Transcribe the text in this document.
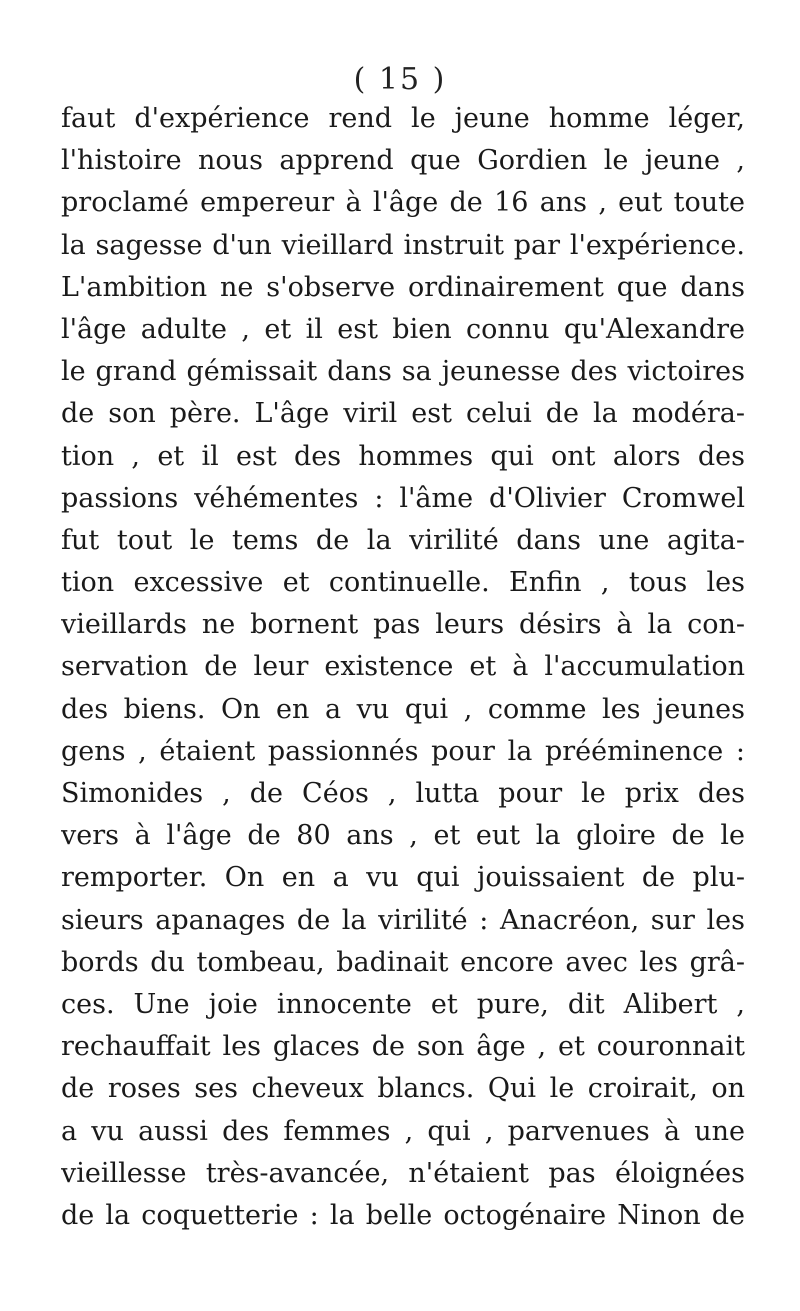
( 15 )
faut d'expérience rend le jeune homme léger,
l'histoire nous apprend que Gordien le jeune ,
proclamé empereur à l'âge de 16 ans , eut toute
la sagesse d'un vieillard instruit par l'expérience.
L'ambition ne s'observe ordinairement que dans
l'âge adulte , et il est bien connu qu'Alexandre
le grand gémissait dans sa jeunesse des victoires
de son père. L'âge viril est celui de la modéra-
tion , et il est des hommes qui ont alors des
passions véhémentes : l'âme d'Olivier Cromwel
fut tout le tems de la virilité dans une agita-
tion excessive et continuelle. Enfin , tous les
vieillards ne bornent pas leurs désirs à la con-
servation de leur existence et à l'accumulation
des biens. On en a vu qui , comme les jeunes
gens , étaient passionnés pour la prééminence :
Simonides , de Céos , lutta pour le prix des
vers à l'âge de 80 ans , et eut la gloire de le
remporter. On en a vu qui jouissaient de plu-
sieurs apanages de la virilité : Anacréon, sur les
bords du tombeau, badinait encore avec les grâ-
ces. Une joie innocente et pure, dit Alibert ,
rechauffait les glaces de son âge , et couronnait
de roses ses cheveux blancs. Qui le croirait, on
a vu aussi des femmes , qui , parvenues à une
vieillesse très-avancée, n'étaient pas éloignées
de la coquetterie : la belle octogénaire Ninon de
